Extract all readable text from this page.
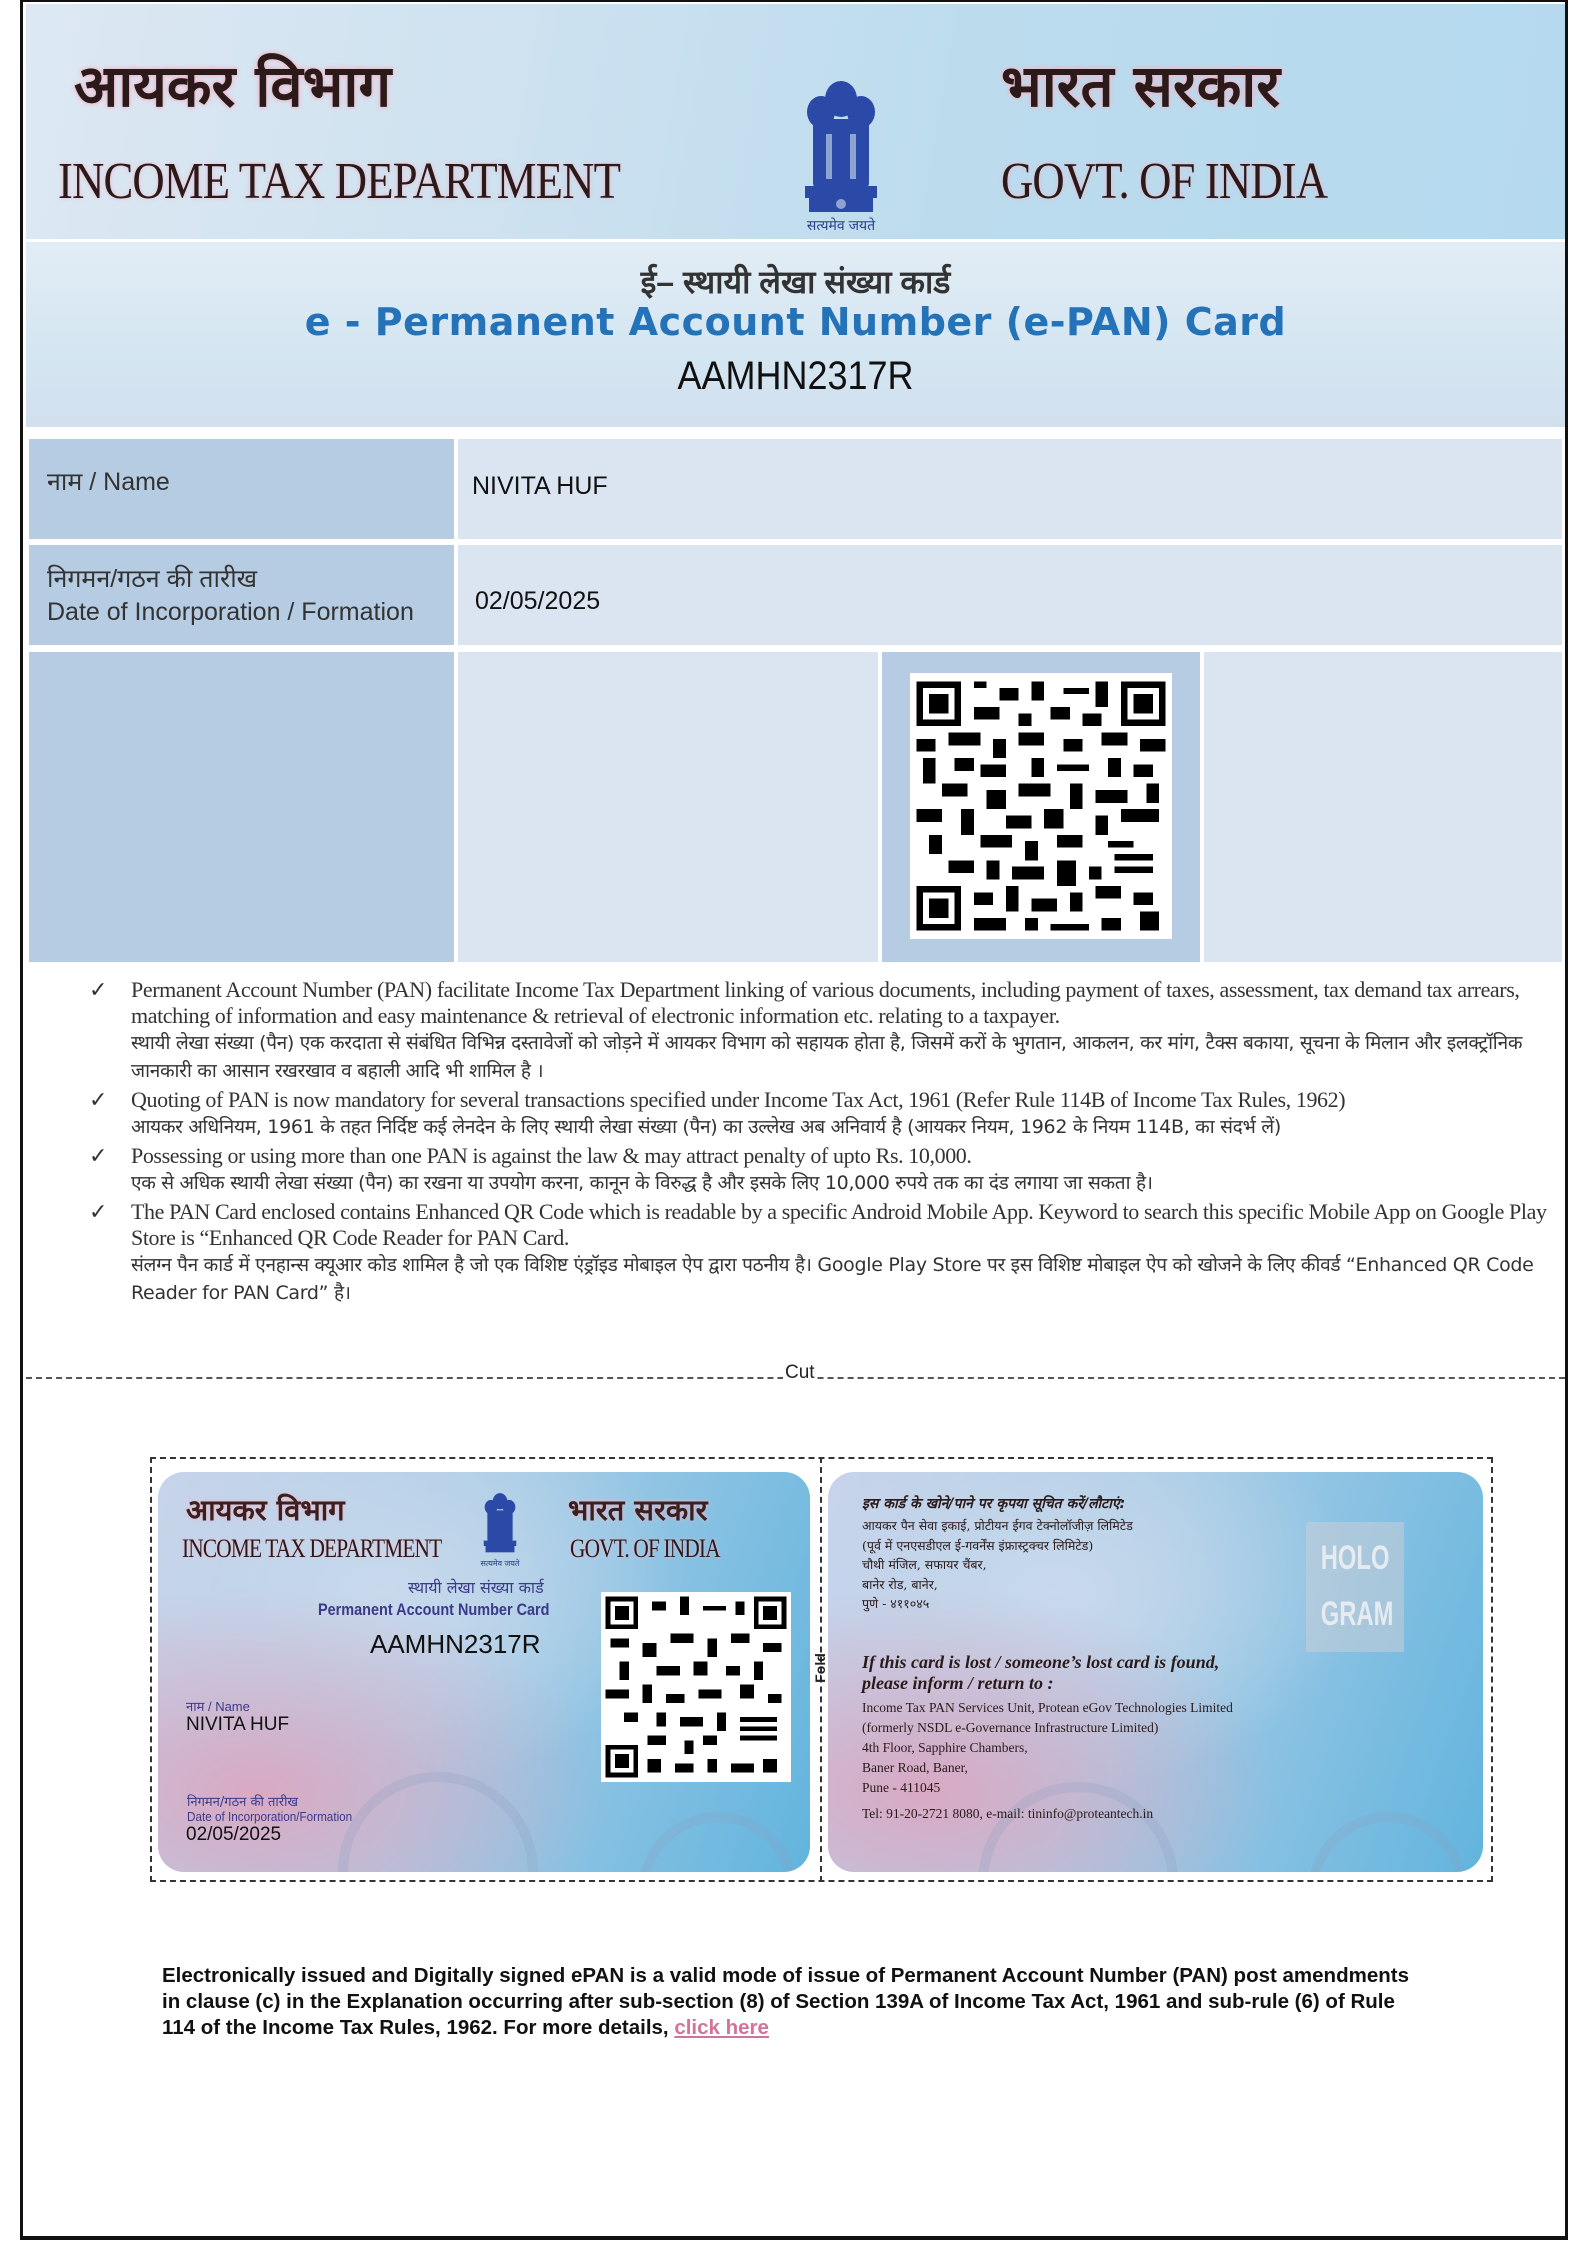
आयकर विभाग
INCOME TAX DEPARTMENT
भारत सरकार
GOVT. OF INDIA
सत्यमेव जयते
ई– स्थायी लेखा संख्या कार्ड
e - Permanent Account Number (e-PAN) Card
AAMHN2317R
नाम / Name	NIVITA HUF
निगमन/गठन की तारीख
Date of Incorporation / Formation 02/05/2025
✓ Permanent Account Number (PAN) facilitate Income Tax Department linking of various documents, including payment of taxes, assessment, tax demand tax arrears, matching of information and easy maintenance & retrieval of electronic information etc. relating to a taxpayer.

स्थायी लेखा संख्या (पैन) एक करदाता से संबंधित विभिन्न दस्तावेजों को जोड़ने में आयकर विभाग को सहायक होता है, जिसमें करों के भुगतान, आकलन, कर मांग, टैक्स बकाया, सूचना के मिलान और इलक्ट्रॉनिक जानकारी का आसान रखरखाव व बहाली आदि भी शामिल है ।

✓ Quoting of PAN is now mandatory for several transactions specified under Income Tax Act, 1961 (Refer Rule 114B of Income Tax Rules, 1962)

आयकर अधिनियम, 1961 के तहत निर्दिष्ट कई लेनदेन के लिए स्थायी लेखा संख्या (पैन) का उल्लेख अब अनिवार्य है (आयकर नियम, 1962 के नियम 114B, का संदर्भ लें)

✓ Possessing or using more than one PAN is against the law & may attract penalty of upto Rs. 10,000.

एक से अधिक स्थायी लेखा संख्या (पैन) का रखना या उपयोग करना, कानून के विरुद्ध है और इसके लिए 10,000 रुपये तक का दंड लगाया जा सकता है।

✓ The PAN Card enclosed contains Enhanced QR Code which is readable by a specific Android Mobile App. Keyword to search this specific Mobile App on Google Play Store is “Enhanced QR Code Reader for PAN Card.

संलग्न पैन कार्ड में एनहान्स क्यूआर कोड शामिल है जो एक विशिष्ट एंड्रॉइड मोबाइल ऐप द्वारा पठनीय है। Google Play Store पर इस विशिष्ट मोबाइल ऐप को खोजने के लिए कीवर्ड “Enhanced QR Code Reader for PAN Card” है।

Cut
Fold
आयकर विभाग
INCOME TAX DEPARTMENT
सत्यमेव जयते
भारत सरकार
GOVT. OF INDIA
स्थायी लेखा संख्या कार्ड
Permanent Account Number Card
AAMHN2317R
नाम / Name
NIVITA HUF
निगमन/गठन की तारीख
Date of Incorporation/Formation
02/05/2025
इस कार्ड के खोने/पाने पर कृपया सूचित करें/लौटाएं:
आयकर पैन सेवा इकाई, प्रोटीयन ईगव टेक्नोलॉजीज़ लिमिटेड
(पूर्व में एनएसडीएल ई-गवर्नेंस इंफ्रास्ट्रक्चर लिमिटेड)
चौथी मंजिल, सफायर चैंबर,
बानेर रोड, बानेर,
पुणे - ४११०४५
HOLO
GRAM
If this card is lost / someone’s lost card is found,
please inform / return to :
Income Tax PAN Services Unit, Protean eGov Technologies Limited
(formerly NSDL e-Governance Infrastructure Limited)
4th Floor, Sapphire Chambers,
Baner Road, Baner,
Pune - 411045
Tel: 91-20-2721 8080, e-mail: tininfo@proteantech.in
Electronically issued and Digitally signed ePAN is a valid mode of issue of Permanent Account Number (PAN) post amendments in clause (c) in the Explanation occurring after sub-section (8) of Section 139A of Income Tax Act, 1961 and sub-rule (6) of Rule 114 of the Income Tax Rules, 1962. For more details, click here
